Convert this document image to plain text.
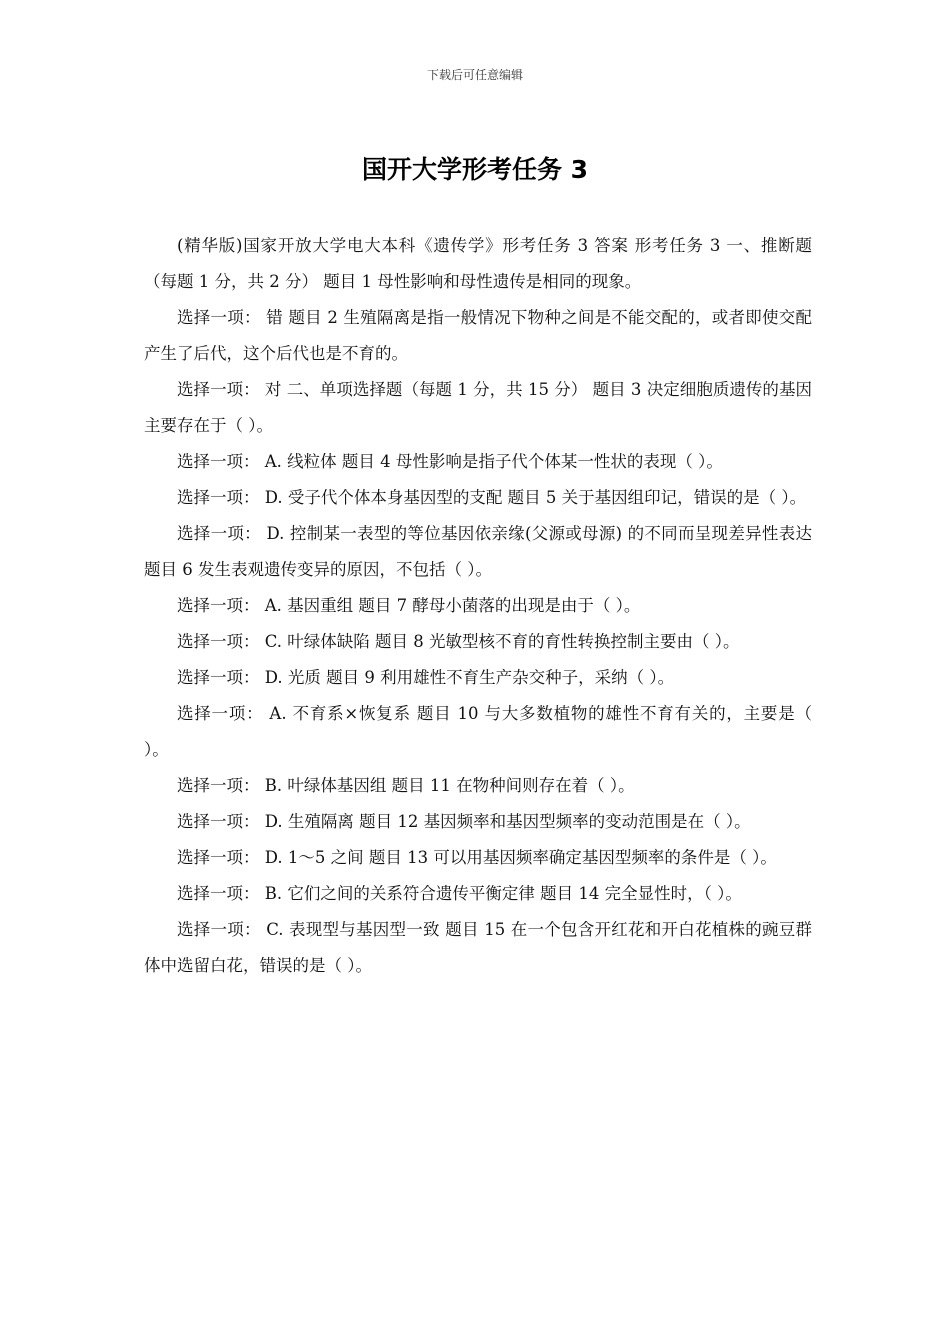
下载后可任意编辑
国开大学形考任务 3

(精华版)国家开放大学电大本科《遗传学》形考任务 3 答案 形考任务 3 一、推断题（每题 1 分，共 2 分） 题目 1 母性影响和母性遗传是相同的现象。

选择一项： 错 题目 2 生殖隔离是指一般情况下物种之间是不能交配的，或者即使交配产生了后代，这个后代也是不育的。

选择一项： 对 二、单项选择题（每题 1 分，共 15 分） 题目 3 决定细胞质遗传的基因主要存在于（ ）。

选择一项： A. 线粒体 题目 4 母性影响是指子代个体某一性状的表现（ ）。

选择一项： D. 受子代个体本身基因型的支配 题目 5 关于基因组印记，错误的是（ ）。

选择一项： D. 控制某一表型的等位基因依亲缘(父源或母源) 的不同而呈现差异性表达 题目 6 发生表观遗传变异的原因，不包括（ ）。

选择一项： A. 基因重组 题目 7 酵母小菌落的出现是由于（ ）。

选择一项： C. 叶绿体缺陷 题目 8 光敏型核不育的育性转换控制主要由（ ）。

选择一项： D. 光质 题目 9 利用雄性不育生产杂交种子，采纳（ ）。

选择一项： A. 不育系×恢复系 题目 10 与大多数植物的雄性不育有关的，主要是（ ）。

选择一项： B. 叶绿体基因组 题目 11 在物种间则存在着（ ）。

选择一项： D. 生殖隔离 题目 12 基因频率和基因型频率的变动范围是在（ ）。

选择一项： D. 1～5 之间 题目 13 可以用基因频率确定基因型频率的条件是（ ）。

选择一项： B. 它们之间的关系符合遗传平衡定律 题目 14 完全显性时，（ ）。

选择一项： C. 表现型与基因型一致 题目 15 在一个包含开红花和开白花植株的豌豆群体中选留白花，错误的是（ ）。
